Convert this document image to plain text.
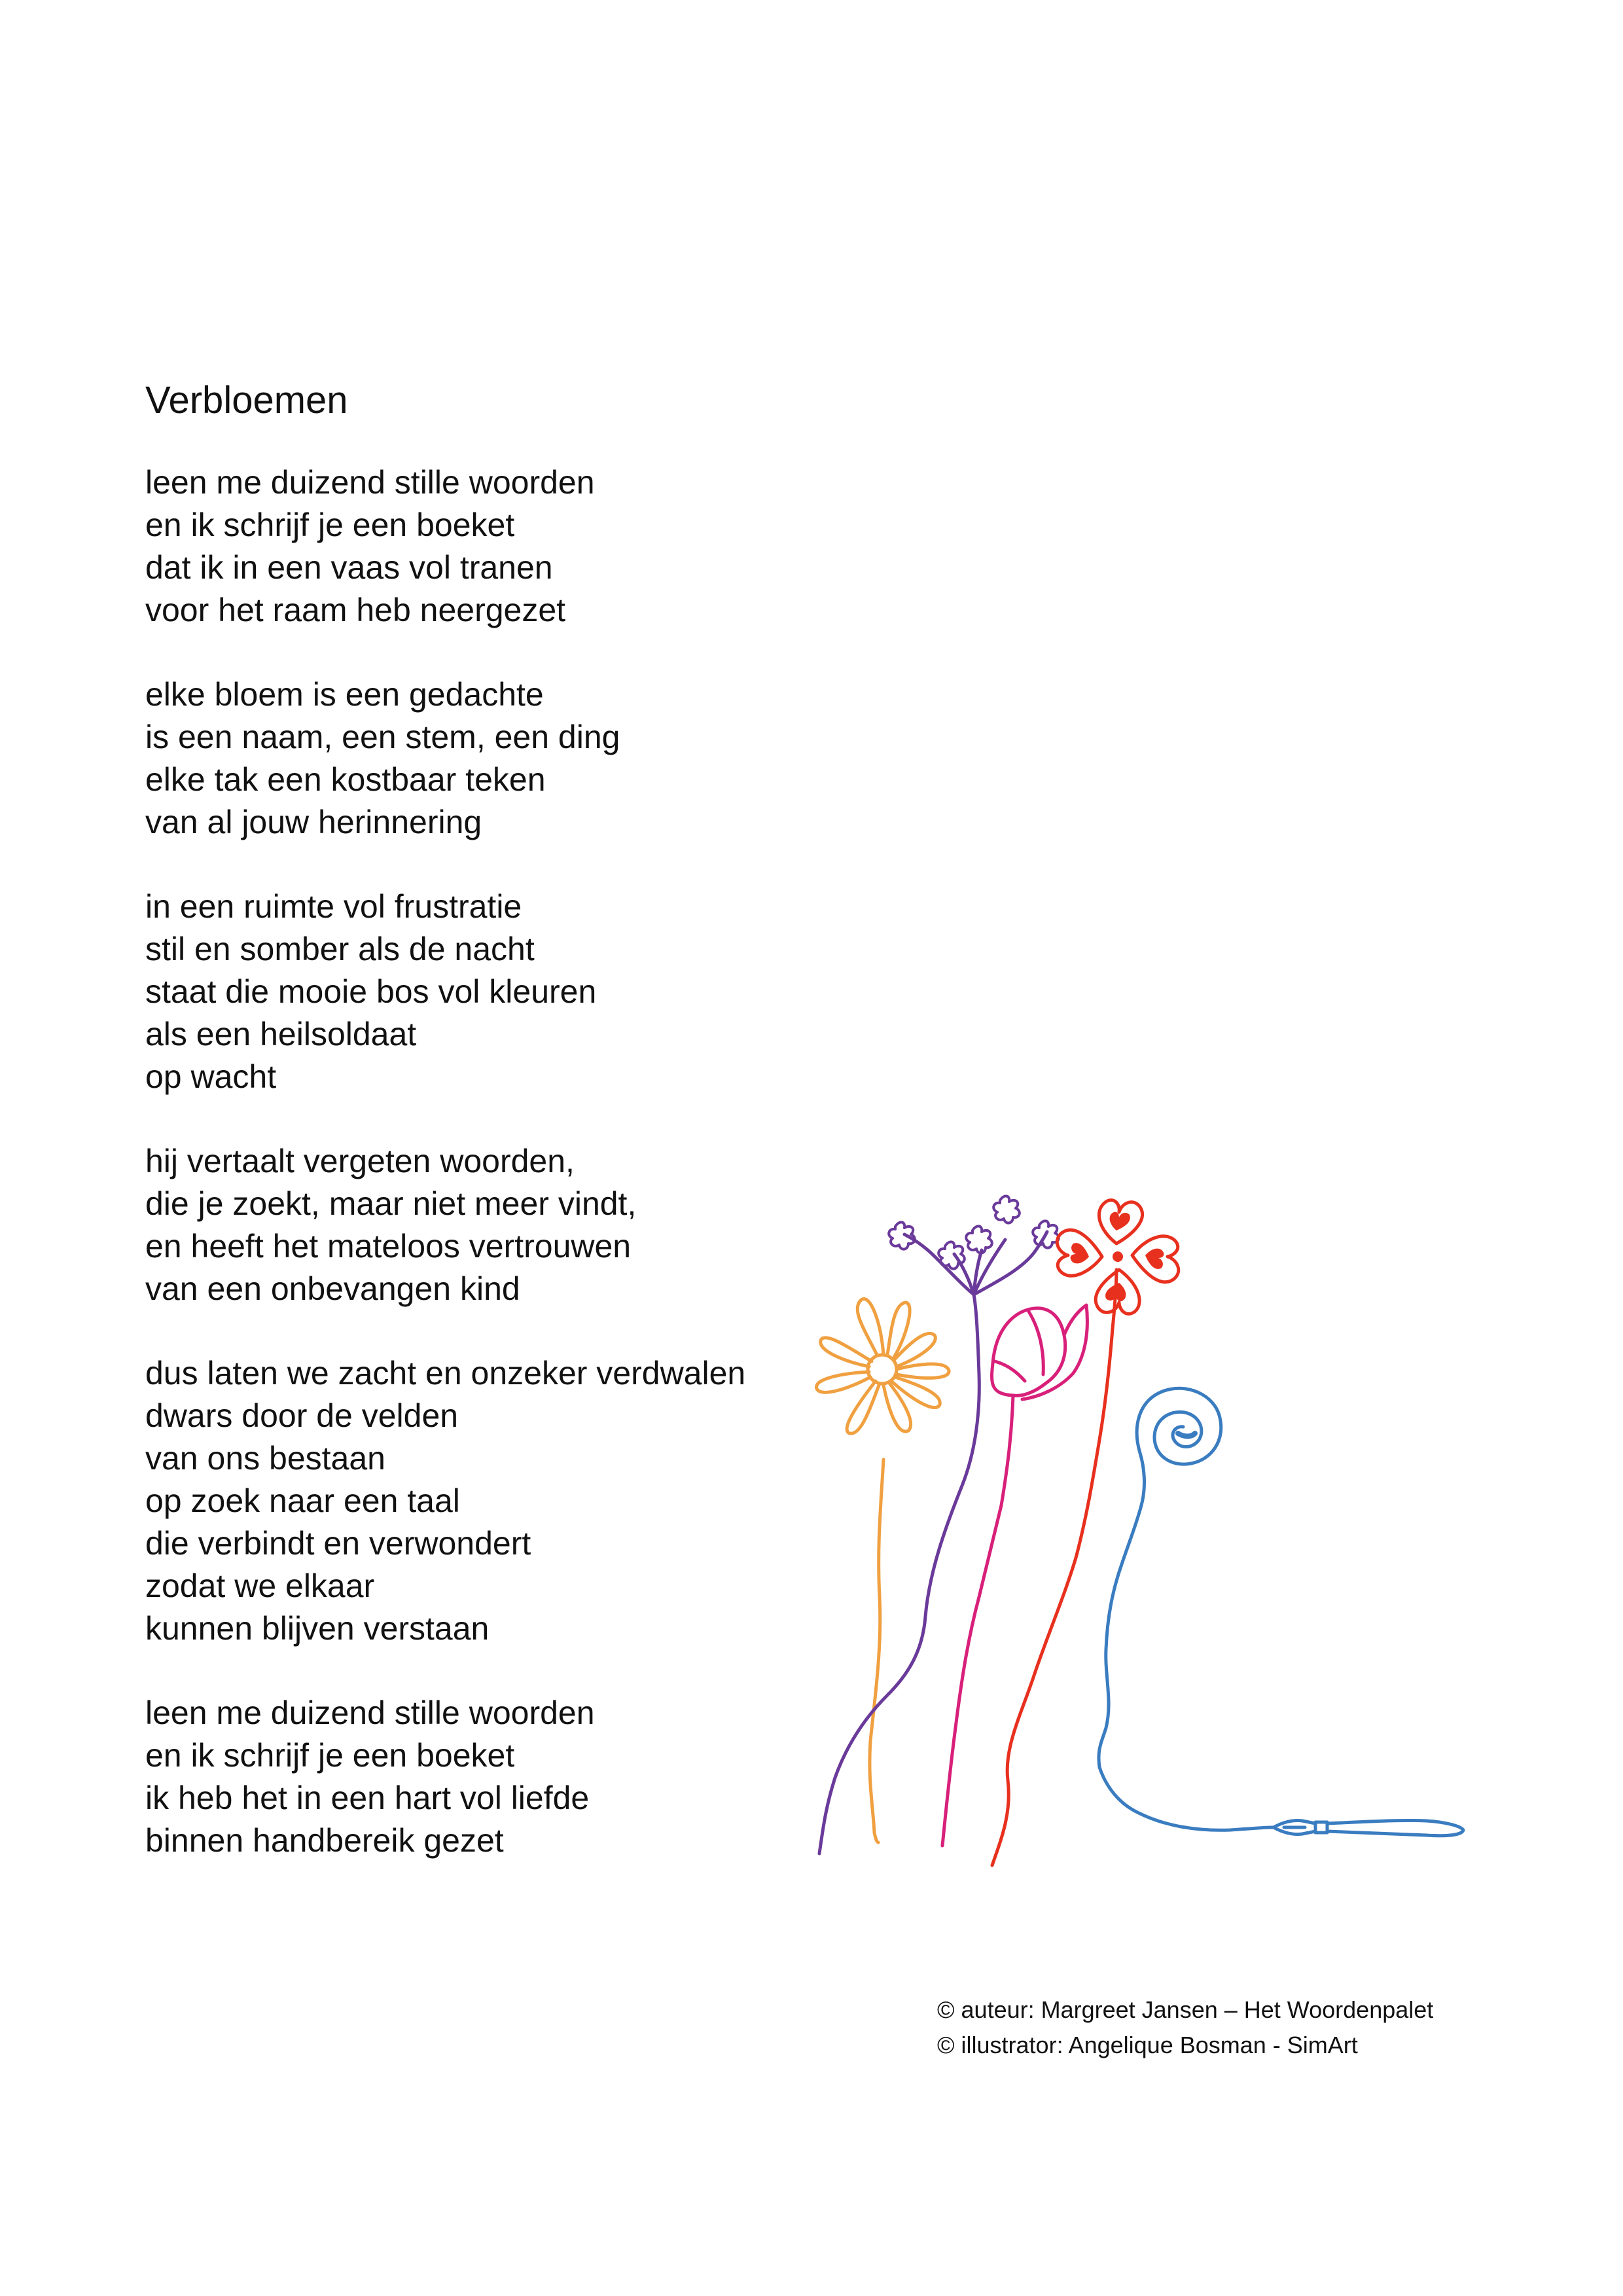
Verbloemen
leen me duizend stille woorden
en ik schrijf je een boeket
dat ik in een vaas vol tranen
voor het raam heb neergezet
elke bloem is een gedachte
is een naam, een stem, een ding
elke tak een kostbaar teken
van al jouw herinnering
in een ruimte vol frustratie
stil en somber als de nacht
staat die mooie bos vol kleuren
als een heilsoldaat
op wacht
hij vertaalt vergeten woorden,
die je zoekt, maar niet meer vindt,
en heeft het mateloos vertrouwen
van een onbevangen kind
dus laten we zacht en onzeker verdwalen
dwars door de velden
van ons bestaan
op zoek naar een taal
die verbindt en verwondert
zodat we elkaar
kunnen blijven verstaan
leen me duizend stille woorden
en ik schrijf je een boeket
ik heb het in een hart vol liefde
binnen handbereik gezet
© auteur: Margreet Jansen – Het Woordenpalet
© illustrator: Angelique Bosman - SimArt
